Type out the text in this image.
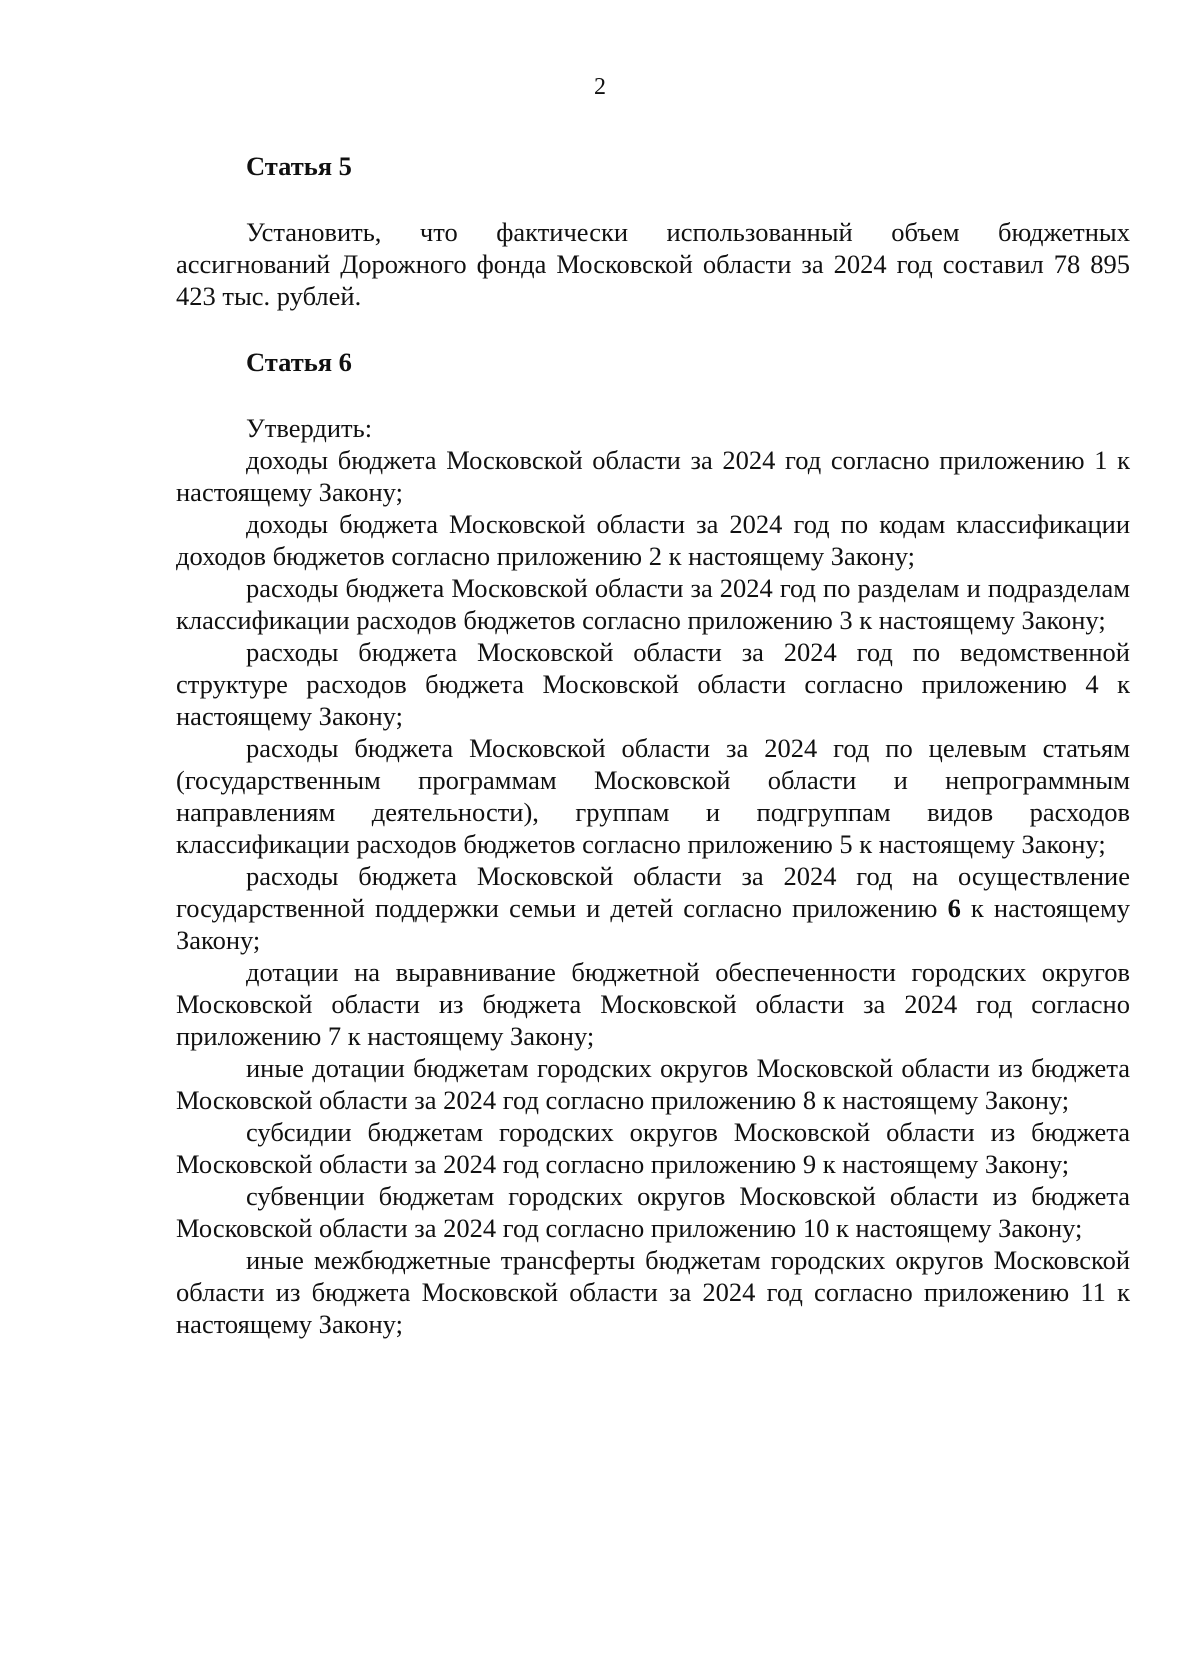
2
Статья 5

Установить, что фактически использованный объем бюджетных ассигнований Дорожного фонда Московской области за 2024 год составил 78 895 423 тыс. рублей.

Статья 6

Утвердить:

доходы бюджета Московской области за 2024 год согласно приложению 1 к настоящему Закону;

доходы бюджета Московской области за 2024 год по кодам классификации доходов бюджетов согласно приложению 2 к настоящему Закону;

расходы бюджета Московской области за 2024 год по разделам и подразделам классификации расходов бюджетов согласно приложению 3 к настоящему Закону;

расходы бюджета Московской области за 2024 год по ведомственной структуре расходов бюджета Московской области согласно приложению 4 к настоящему Закону;

расходы бюджета Московской области за 2024 год по целевым статьям (государственным программам Московской области и непрограммным направлениям деятельности), группам и подгруппам видов расходов классификации расходов бюджетов согласно приложению 5 к настоящему Закону;

расходы бюджета Московской области за 2024 год на осуществление государственной поддержки семьи и детей согласно приложению 6 к настоящему Закону;

дотации на выравнивание бюджетной обеспеченности городских округов Московской области из бюджета Московской области за 2024 год согласно приложению 7 к настоящему Закону;

иные дотации бюджетам городских округов Московской области из бюджета Московской области за 2024 год согласно приложению 8 к настоящему Закону;

субсидии бюджетам городских округов Московской области из бюджета Московской области за 2024 год согласно приложению 9 к настоящему Закону;

субвенции бюджетам городских округов Московской области из бюджета Московской области за 2024 год согласно приложению 10 к настоящему Закону;

иные межбюджетные трансферты бюджетам городских округов Московской области из бюджета Московской области за 2024 год согласно приложению 11 к настоящему Закону;
